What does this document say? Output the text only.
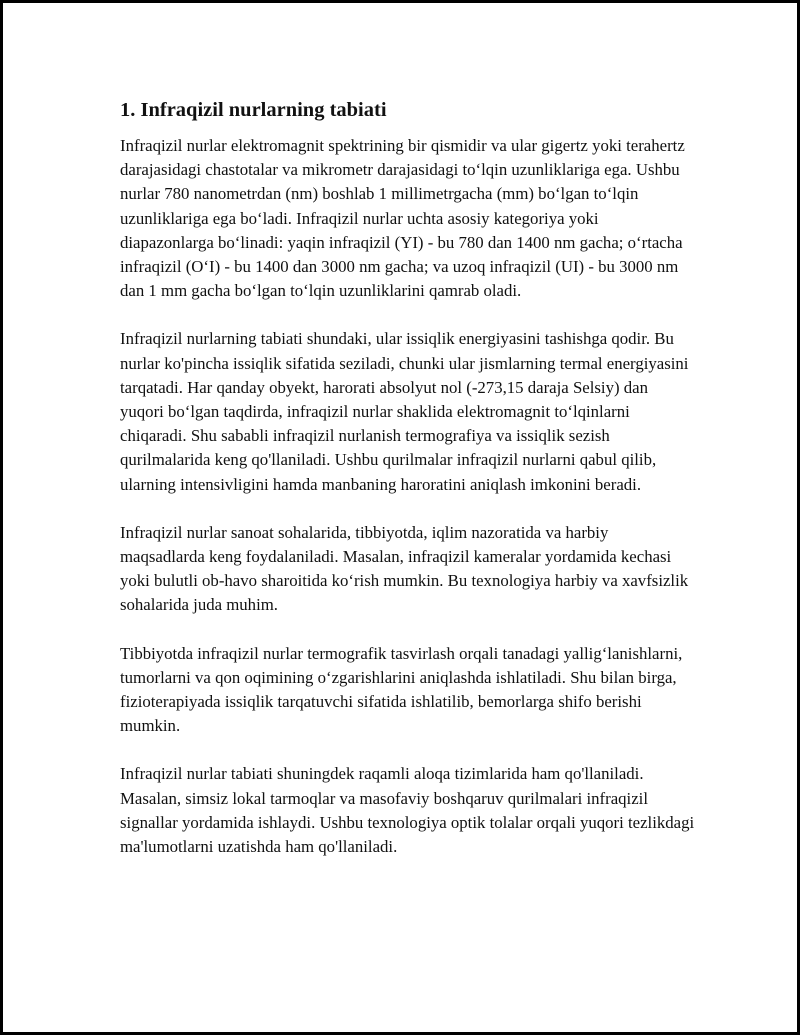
1. Infraqizil nurlarning tabiati

Infraqizil nurlar elektromagnit spektrining bir qismidir va ular gigertz yoki terahertz darajasidagi chastotalar va mikrometr darajasidagi to‘lqin uzunliklariga ega. Ushbu nurlar 780 nanometrdan (nm) boshlab 1 millimetrgacha (mm) bo‘lgan to‘lqin uzunliklariga ega bo‘ladi. Infraqizil nurlar uchta asosiy kategoriya yoki diapazonlarga bo‘linadi: yaqin infraqizil (YI) - bu 780 dan 1400 nm gacha; o‘rtacha infraqizil (O‘I) - bu 1400 dan 3000 nm gacha; va uzoq infraqizil (UI) - bu 3000 nm dan 1 mm gacha bo‘lgan to‘lqin uzunliklarini qamrab oladi.

Infraqizil nurlarning tabiati shundaki, ular issiqlik energiyasini tashishga qodir. Bu nurlar ko'pincha issiqlik sifatida seziladi, chunki ular jismlarning termal energiyasini tarqatadi. Har qanday obyekt, harorati absolyut nol (-273,15 daraja Selsiy) dan yuqori bo‘lgan taqdirda, infraqizil nurlar shaklida elektromagnit to‘lqinlarni chiqaradi. Shu sababli infraqizil nurlanish termografiya va issiqlik sezish qurilmalarida keng qo'llaniladi. Ushbu qurilmalar infraqizil nurlarni qabul qilib, ularning intensivligini hamda manbaning haroratini aniqlash imkonini beradi.

Infraqizil nurlar sanoat sohalarida, tibbiyotda, iqlim nazoratida va harbiy maqsadlarda keng foydalaniladi. Masalan, infraqizil kameralar yordamida kechasi yoki bulutli ob-havo sharoitida ko‘rish mumkin. Bu texnologiya harbiy va xavfsizlik sohalarida juda muhim.

Tibbiyotda infraqizil nurlar termografik tasvirlash orqali tanadagi yallig‘lanishlarni, tumorlarni va qon oqimining o‘zgarishlarini aniqlashda ishlatiladi. Shu bilan birga, fizioterapiyada issiqlik tarqatuvchi sifatida ishlatilib, bemorlarga shifo berishi mumkin.

Infraqizil nurlar tabiati shuningdek raqamli aloqa tizimlarida ham qo'llaniladi. Masalan, simsiz lokal tarmoqlar va masofaviy boshqaruv qurilmalari infraqizil signallar yordamida ishlaydi. Ushbu texnologiya optik tolalar orqali yuqori tezlikdagi ma'lumotlarni uzatishda ham qo'llaniladi.
